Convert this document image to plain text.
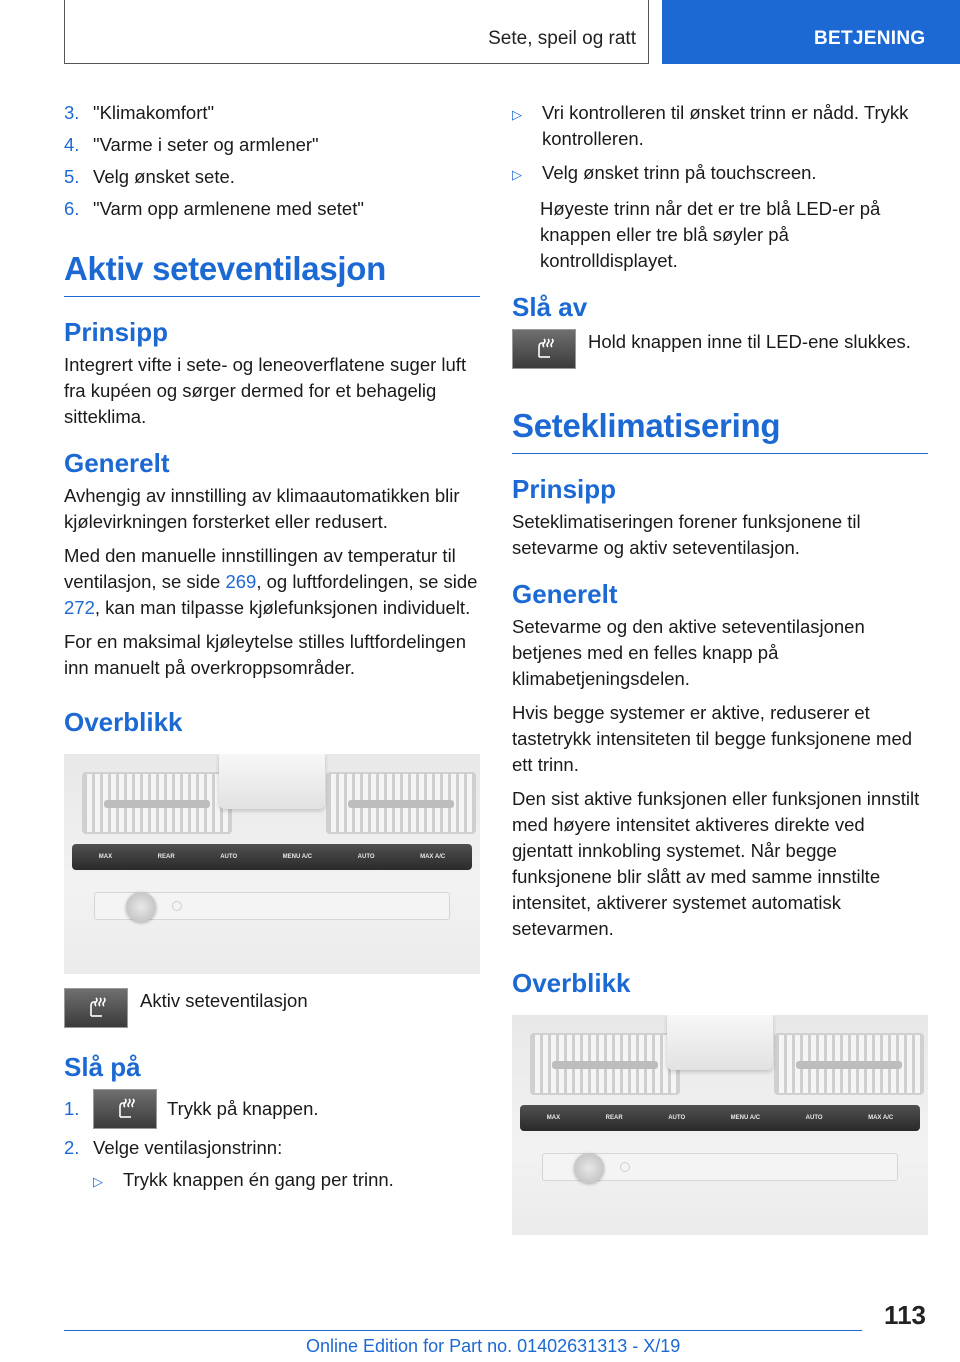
Sete, speil og ratt	BETJENING
3. "Klimakomfort"
4. "Varme i seter og armlener"
5. Velg ønsket sete.
6. "Varm opp armlenene med setet"
Aktiv seteventilasjon
Prinsipp

Integrert vifte i sete- og leneoverflatene suger luft fra kupéen og sørger dermed for et behagelig sitteklima.

Generelt

Avhengig av innstilling av klimaautomatikken blir kjølevirkningen forsterket eller redusert.

Med den manuelle innstillingen av temperatur til ventilasjon, se side 269, og luftfordelingen, se side 272, kan man tilpasse kjølefunksjonen individuelt.

For en maksimal kjøleytelse stilles luftfordelingen inn manuelt på overkroppsområder.

Overblikk
MAX	REAR	AUTO	MENU A/C	AUTO	MAX A/C
Aktiv seteventilasjon
Slå på
1.	Trykk på knappen.
2. Velge ventilasjonstrinn:
▷	Trykk knappen én gang per trinn.
▷	Vri kontrolleren til ønsket trinn er nådd. Trykk kontrolleren.
▷	Velg ønsket trinn på touchscreen.

Høyeste trinn når det er tre blå LED-er på knappen eller tre blå søyler på kontrolldisplayet.

Slå av
Hold knappen inne til LED-ene slukkes.
Seteklimatisering
Prinsipp

Seteklimatiseringen forener funksjonene til setevarme og aktiv seteventilasjon.

Generelt

Setevarme og den aktive seteventilasjonen betjenes med en felles knapp på klimabetjeningsdelen.

Hvis begge systemer er aktive, reduserer et tastetrykk intensiteten til begge funksjonene med ett trinn.

Den sist aktive funksjonen eller funksjonen innstilt med høyere intensitet aktiveres direkte ved gjentatt innkobling systemet. Når begge funksjonene blir slått av med samme innstilte intensitet, aktiverer systemet automatisk setevarmen.

Overblikk
MAX	REAR	AUTO	MENU A/C	AUTO	MAX A/C
113
Online Edition for Part no. 01402631313 - X/19
